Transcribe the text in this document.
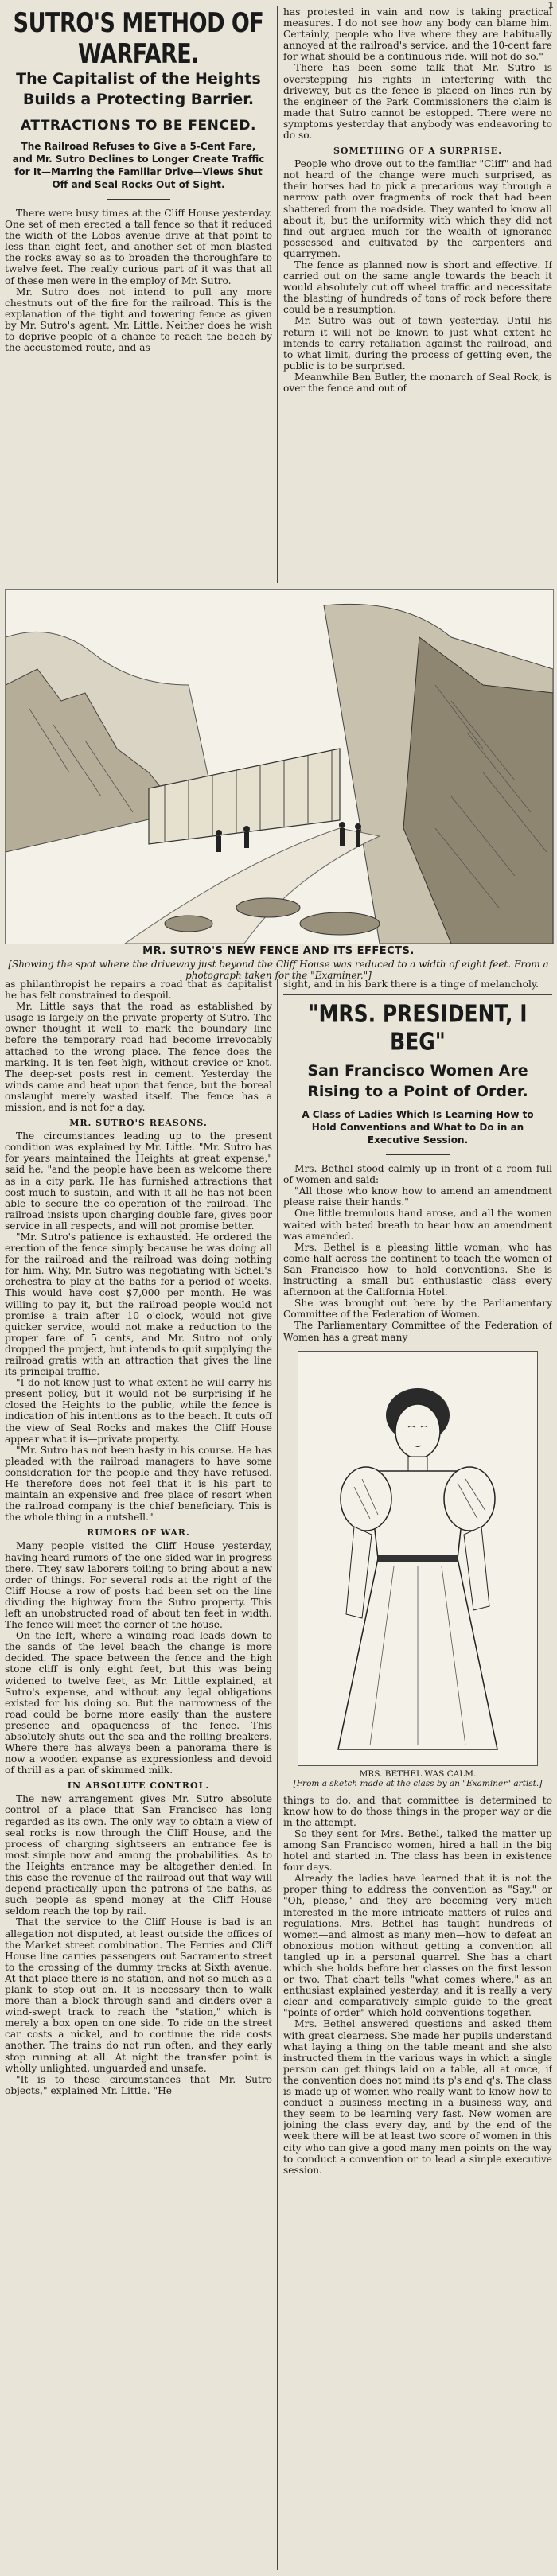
1
SUTRO'S METHOD OF WARFARE.
The Capitalist of the Heights Builds a Protecting Barrier.
ATTRACTIONS TO BE FENCED.
The Railroad Refuses to Give a 5-Cent Fare, and Mr. Sutro Declines to Longer Create Traffic for It—Marring the Familiar Drive—Views Shut Off and Seal Rocks Out of Sight.

There were busy times at the Cliff House yesterday. One set of men erected a tall fence so that it reduced the width of the Lobos avenue drive at that point to less than eight feet, and another set of men blasted the rocks away so as to broaden the thoroughfare to twelve feet. The really curious part of it was that all of these men were in the employ of Mr. Sutro.

Mr. Sutro does not intend to pull any more chestnuts out of the fire for the railroad. This is the explanation of the tight and towering fence as given by Mr. Sutro's agent, Mr. Little. Neither does he wish to deprive people of a chance to reach the beach by the accustomed route, and as

has protested in vain and now is taking practical measures. I do not see how any body can blame him. Certainly, people who live where they are habitually annoyed at the railroad's service, and the 10-cent fare for what should be a continuous ride, will not do so."

There has been some talk that Mr. Sutro is overstepping his rights in interfering with the driveway, but as the fence is placed on lines run by the engineer of the Park Commissioners the claim is made that Sutro cannot be estopped. There were no symptoms yesterday that anybody was endeavoring to do so.

SOMETHING OF A SURPRISE.

People who drove out to the familiar "Cliff" and had not heard of the change were much surprised, as their horses had to pick a precarious way through a narrow path over fragments of rock that had been shattered from the roadside. They wanted to know all about it, but the uniformity with which they did not find out argued much for the wealth of ignorance possessed and cultivated by the carpenters and quarrymen.

The fence as planned now is short and effective. If carried out on the same angle towards the beach it would absolutely cut off wheel traffic and necessitate the blasting of hundreds of tons of rock before there could be a resumption.

Mr. Sutro was out of town yesterday. Until his return it will not be known to just what extent he intends to carry retaliation against the railroad, and to what limit, during the process of getting even, the public is to be surprised.

Meanwhile Ben Butler, the monarch of Seal Rock, is over the fence and out of

MR. SUTRO'S NEW FENCE AND ITS EFFECTS.
[Showing the spot where the driveway just beyond the Cliff House was reduced to a width of eight feet. From a photograph taken for the "Examiner."]

as philanthropist he repairs a road that as capitalist he has felt constrained to despoil.

Mr. Little says that the road as established by usage is largely on the private property of Sutro. The owner thought it well to mark the boundary line before the temporary road had become irrevocably attached to the wrong place. The fence does the marking. It is ten feet high, without crevice or knot. The deep-set posts rest in cement. Yesterday the winds came and beat upon that fence, but the boreal onslaught merely wasted itself. The fence has a mission, and is not for a day.

MR. SUTRO'S REASONS.

The circumstances leading up to the present condition was explained by Mr. Little. "Mr. Sutro has for years maintained the Heights at great expense," said he, "and the people have been as welcome there as in a city park. He has furnished attractions that cost much to sustain, and with it all he has not been able to secure the co-operation of the railroad. The railroad insists upon charging double fare, gives poor service in all respects, and will not promise better.

"Mr. Sutro's patience is exhausted. He ordered the erection of the fence simply because he was doing all for the railroad and the railroad was doing nothing for him. Why, Mr. Sutro was negotiating with Schell's orchestra to play at the baths for a period of weeks. This would have cost $7,000 per month. He was willing to pay it, but the railroad people would not promise a train after 10 o'clock, would not give quicker service, would not make a reduction to the proper fare of 5 cents, and Mr. Sutro not only dropped the project, but intends to quit supplying the railroad gratis with an attraction that gives the line its principal traffic.

"I do not know just to what extent he will carry his present policy, but it would not be surprising if he closed the Heights to the public, while the fence is indication of his intentions as to the beach. It cuts off the view of Seal Rocks and makes the Cliff House appear what it is—private property.

"Mr. Sutro has not been hasty in his course. He has pleaded with the railroad managers to have some consideration for the people and they have refused. He therefore does not feel that it is his part to maintain an expensive and free place of resort when the railroad company is the chief beneficiary. This is the whole thing in a nutshell."

RUMORS OF WAR.

Many people visited the Cliff House yesterday, having heard rumors of the one-sided war in progress there. They saw laborers toiling to bring about a new order of things. For several rods at the right of the Cliff House a row of posts had been set on the line dividing the highway from the Sutro property. This left an unobstructed road of about ten feet in width. The fence will meet the corner of the house.

On the left, where a winding road leads down to the sands of the level beach the change is more decided. The space between the fence and the high stone cliff is only eight feet, but this was being widened to twelve feet, as Mr. Little explained, at Sutro's expense, and without any legal obligations existed for his doing so. But the narrowness of the road could be borne more easily than the austere presence and opaqueness of the fence. This absolutely shuts out the sea and the rolling breakers. Where there has always been a panorama there is now a wooden expanse as expressionless and devoid of thrill as a pan of skimmed milk.

IN ABSOLUTE CONTROL.

The new arrangement gives Mr. Sutro absolute control of a place that San Francisco has long regarded as its own. The only way to obtain a view of seal rocks is now through the Cliff House, and the process of charging sightseers an entrance fee is most simple now and among the probabilities. As to the Heights entrance may be altogether denied. In this case the revenue of the railroad out that way will depend practically upon the patrons of the baths, as such people as spend money at the Cliff House seldom reach the top by rail.

That the service to the Cliff House is bad is an allegation not disputed, at least outside the offices of the Market street combination. The Ferries and Cliff House line carries passengers out Sacramento street to the crossing of the dummy tracks at Sixth avenue. At that place there is no station, and not so much as a plank to step out on. It is necessary then to walk more than a block through sand and cinders over a wind-swept track to reach the "station," which is merely a box open on one side. To ride on the street car costs a nickel, and to continue the ride costs another. The trains do not run often, and they early stop running at all. At night the transfer point is wholly unlighted, unguarded and unsafe.

"It is to these circumstances that Mr. Sutro objects," explained Mr. Little. "He

sight, and in his bark there is a tinge of melancholy.

"MRS. PRESIDENT, I BEG"
San Francisco Women Are Rising to a Point of Order.
A Class of Ladies Which Is Learning How to Hold Conventions and What to Do in an Executive Session.

Mrs. Bethel stood calmly up in front of a room full of women and said:

"All those who know how to amend an amendment please raise their hands."

One little tremulous hand arose, and all the women waited with bated breath to hear how an amendment was amended.

Mrs. Bethel is a pleasing little woman, who has come half across the continent to teach the women of San Francisco how to hold conventions. She is instructing a small but enthusiastic class every afternoon at the California Hotel.

She was brought out here by the Parliamentary Committee of the Federation of Women.

The Parliamentary Committee of the Federation of Women has a great many

MRS. BETHEL WAS CALM.
[From a sketch made at the class by an "Examiner" artist.]

things to do, and that committee is determined to know how to do those things in the proper way or die in the attempt.

So they sent for Mrs. Bethel, talked the matter up among San Francisco women, hired a hall in the big hotel and started in. The class has been in existence four days.

Already the ladies have learned that it is not the proper thing to address the convention as "Say," or "Oh, please," and they are becoming very much interested in the more intricate matters of rules and regulations. Mrs. Bethel has taught hundreds of women—and almost as many men—how to defeat an obnoxious motion without getting a convention all tangled up in a personal quarrel. She has a chart which she holds before her classes on the first lesson or two. That chart tells "what comes where," as an enthusiast explained yesterday, and it is really a very clear and comparatively simple guide to the great "points of order" which hold conventions together.

Mrs. Bethel answered questions and asked them with great clearness. She made her pupils understand what laying a thing on the table meant and she also instructed them in the various ways in which a single person can get things laid on a table, all at once, if the convention does not mind its p's and q's. The class is made up of women who really want to know how to conduct a business meeting in a business way, and they seem to be learning very fast. New women are joining the class every day, and by the end of the week there will be at least two score of women in this city who can give a good many men points on the way to conduct a convention or to lead a simple executive session.
